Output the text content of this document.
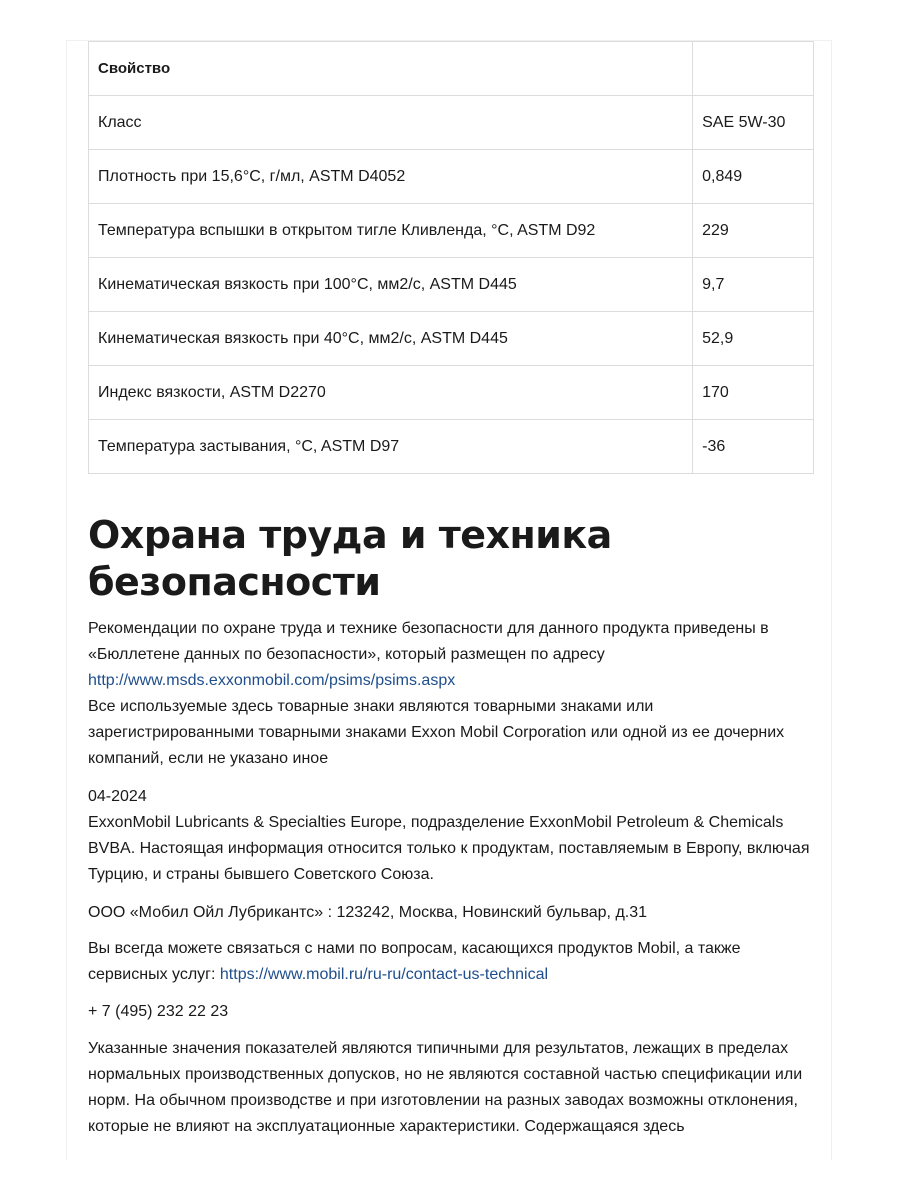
Свойство	
Класс	SAE 5W-30
Плотность при 15,6°C, г/мл, ASTM D4052	0,849
Температура вспышки в открытом тигле Кливленда, °C, ASTM D92	229
Кинематическая вязкость при 100°C, мм2/с, ASTM D445	9,7
Кинематическая вязкость при 40°C, мм2/с, ASTM D445	52,9
Индекс вязкости, ASTM D2270	170
Температура застывания, °C, ASTM D97	-36
Охрана труда и техника безопасности

Рекомендации по охране труда и технике безопасности для данного продукта приведены в «Бюллетене данных по безопасности», который размещен по адресу
http://www.msds.exxonmobil.com/psims/psims.aspx
Все используемые здесь товарные знаки являются товарными знаками или зарегистрированными товарными знаками Exxon Mobil Corporation или одной из ее дочерних компаний, если не указано иное

04-2024
ExxonMobil Lubricants & Specialties Europe, подразделение ExxonMobil Petroleum & Chemicals BVBA. Настоящая информация относится только к продуктам, поставляемым в Европу, включая Турцию, и страны бывшего Советского Союза.

ООО «Мобил Ойл Лубрикантс» : 123242, Москва, Новинский бульвар, д.31

Вы всегда можете связаться с нами по вопросам, касающихся продуктов Mobil, а также сервисных услуг: https://www.mobil.ru/ru-ru/contact-us-technical

+ 7 (495) 232 22 23

Указанные значения показателей являются типичными для результатов, лежащих в пределах нормальных производственных допусков, но не являются составной частью спецификации или норм. На обычном производстве и при изготовлении на разных заводах возможны отклонения, которые не влияют на эксплуатационные характеристики. Содержащаяся здесь
